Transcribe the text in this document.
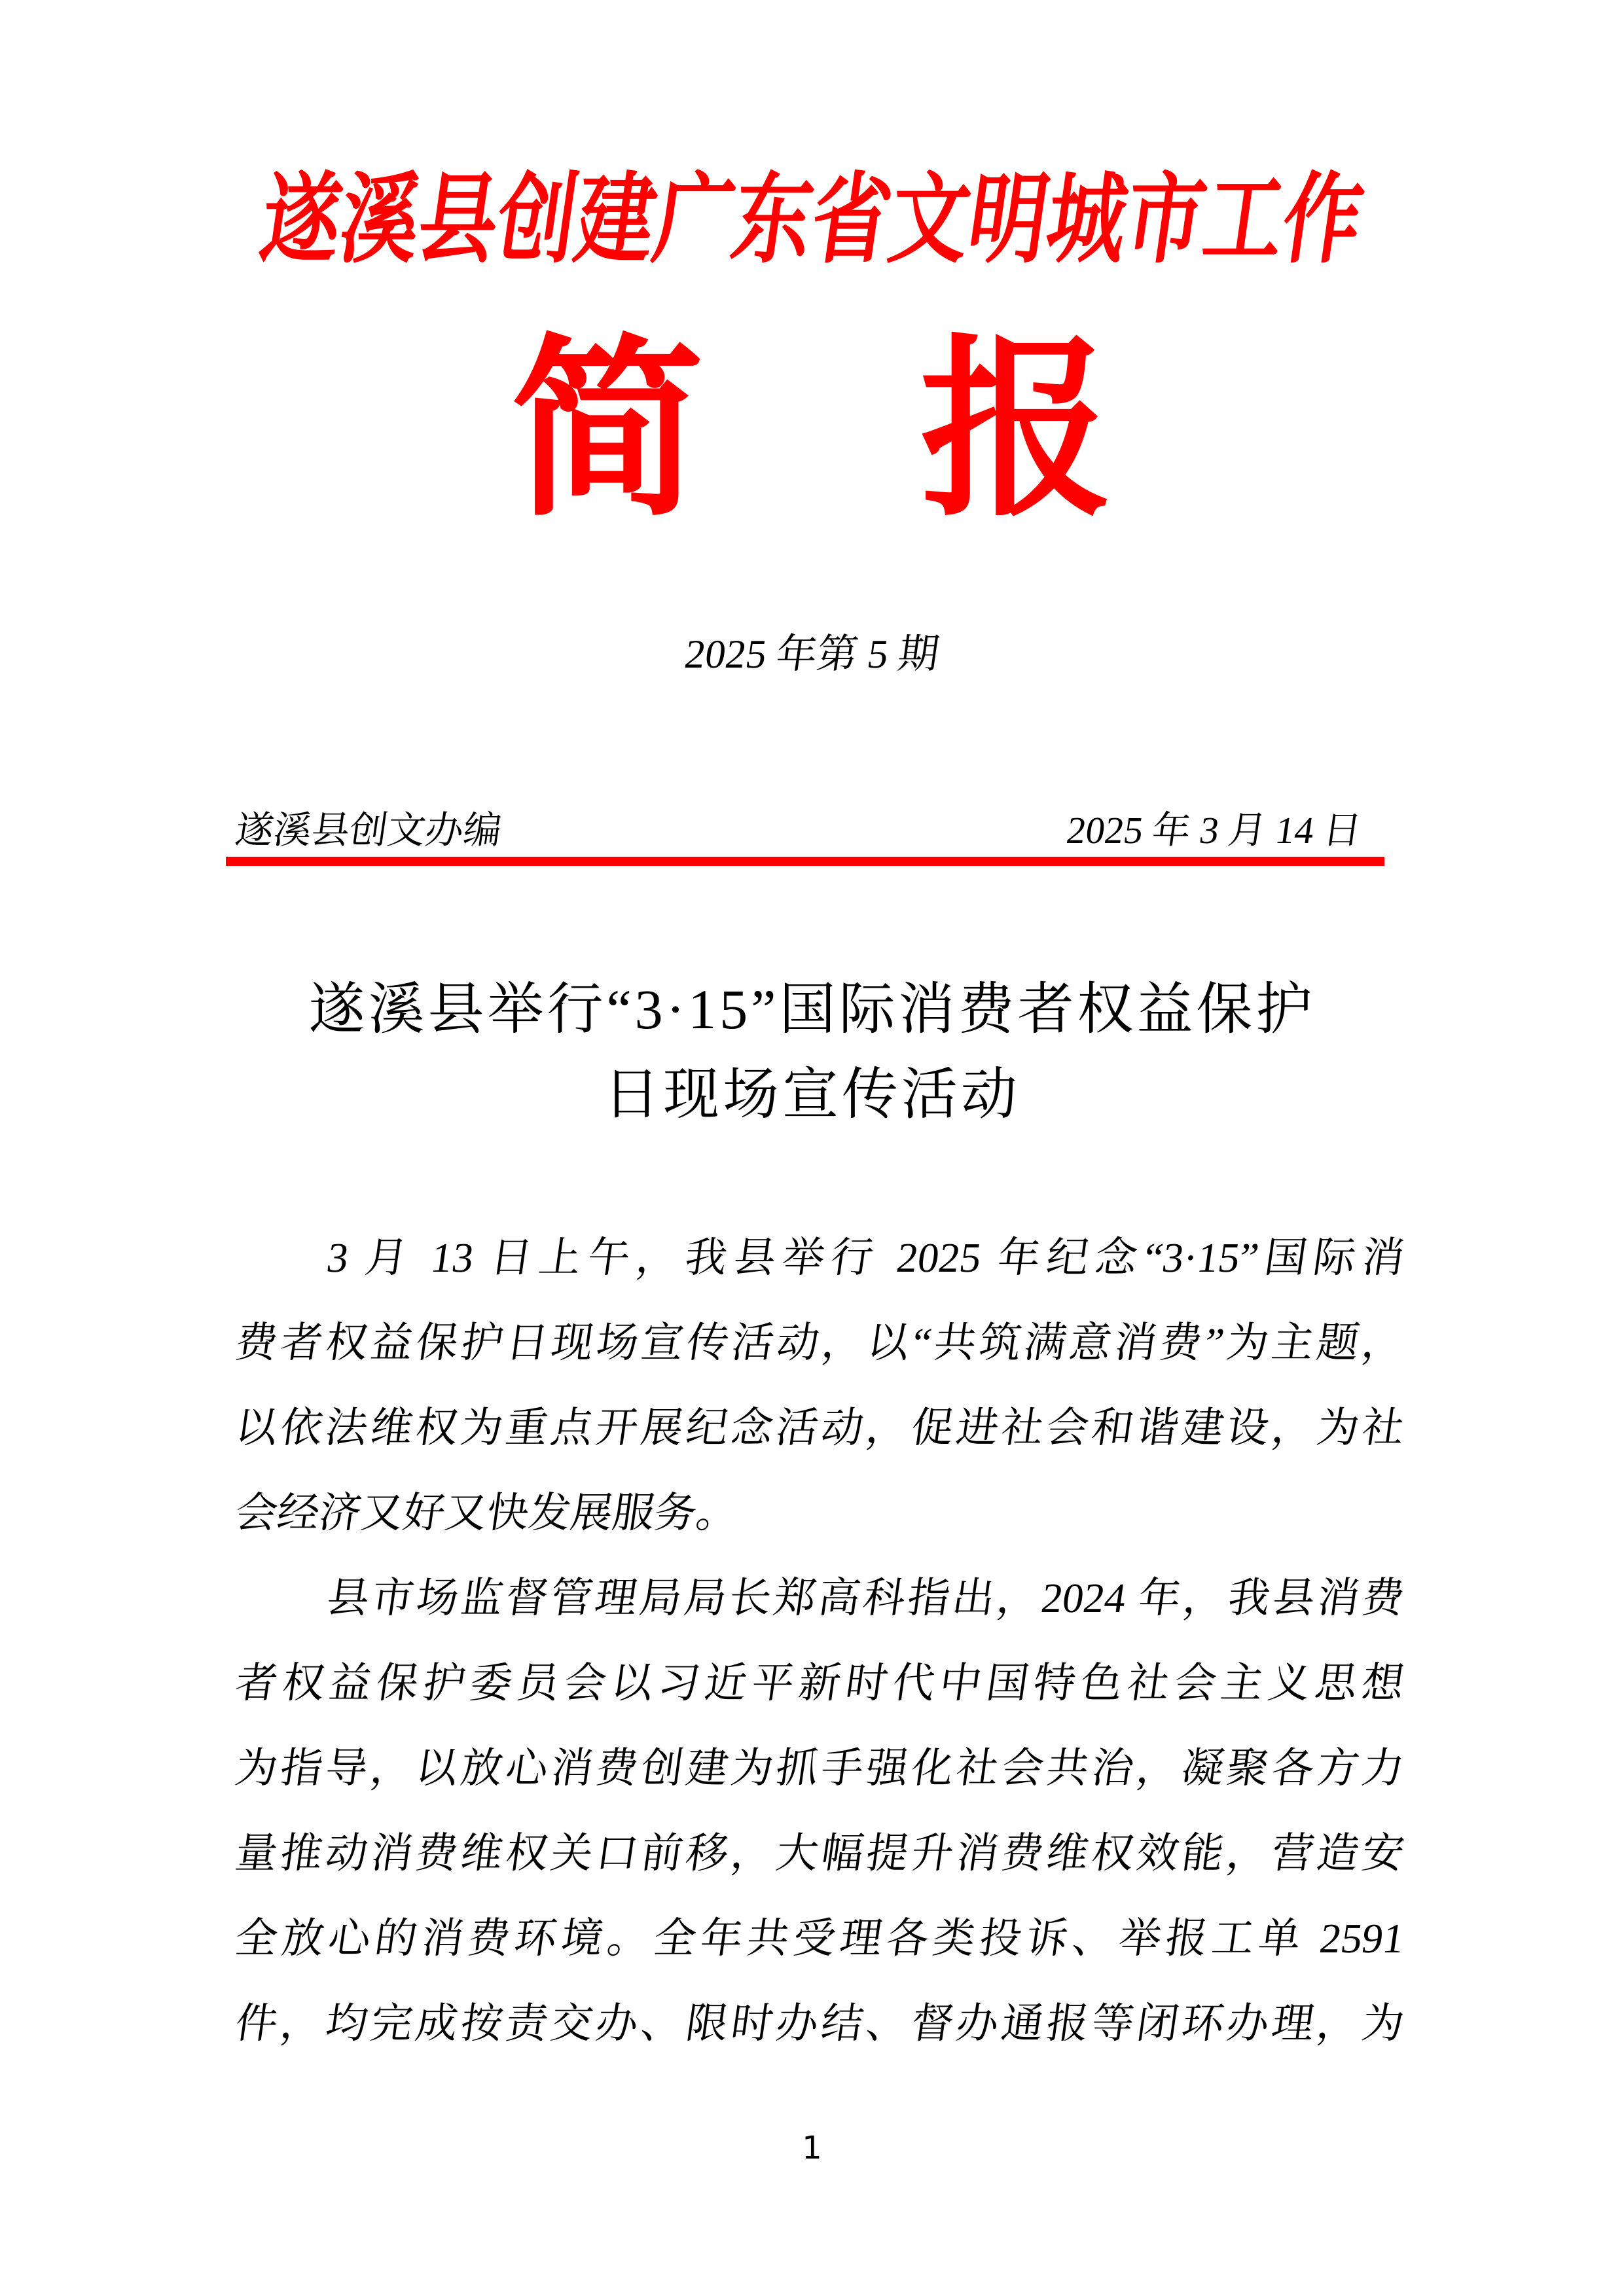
遂溪县创建广东省文明城市工作
简 报
2025 年第 5 期
遂溪县创文办编	2025 年 3 月 14 日
遂溪县举行“3·15”国际消费者权益保护
日现场宣传活动
3 月 13 日上午，我县举行 2025 年纪念“3·15”国际消
费者权益保护日现场宣传活动，以“共筑满意消费”为主题，
以依法维权为重点开展纪念活动，促进社会和谐建设，为社
会经济又好又快发展服务。
县市场监督管理局局长郑高科指出，2024 年，我县消费
者权益保护委员会以习近平新时代中国特色社会主义思想
为指导，以放心消费创建为抓手强化社会共治，凝聚各方力
量推动消费维权关口前移，大幅提升消费维权效能，营造安
全放心的消费环境。全年共受理各类投诉、举报工单 2591
件，均完成按责交办、限时办结、督办通报等闭环办理，为
1
